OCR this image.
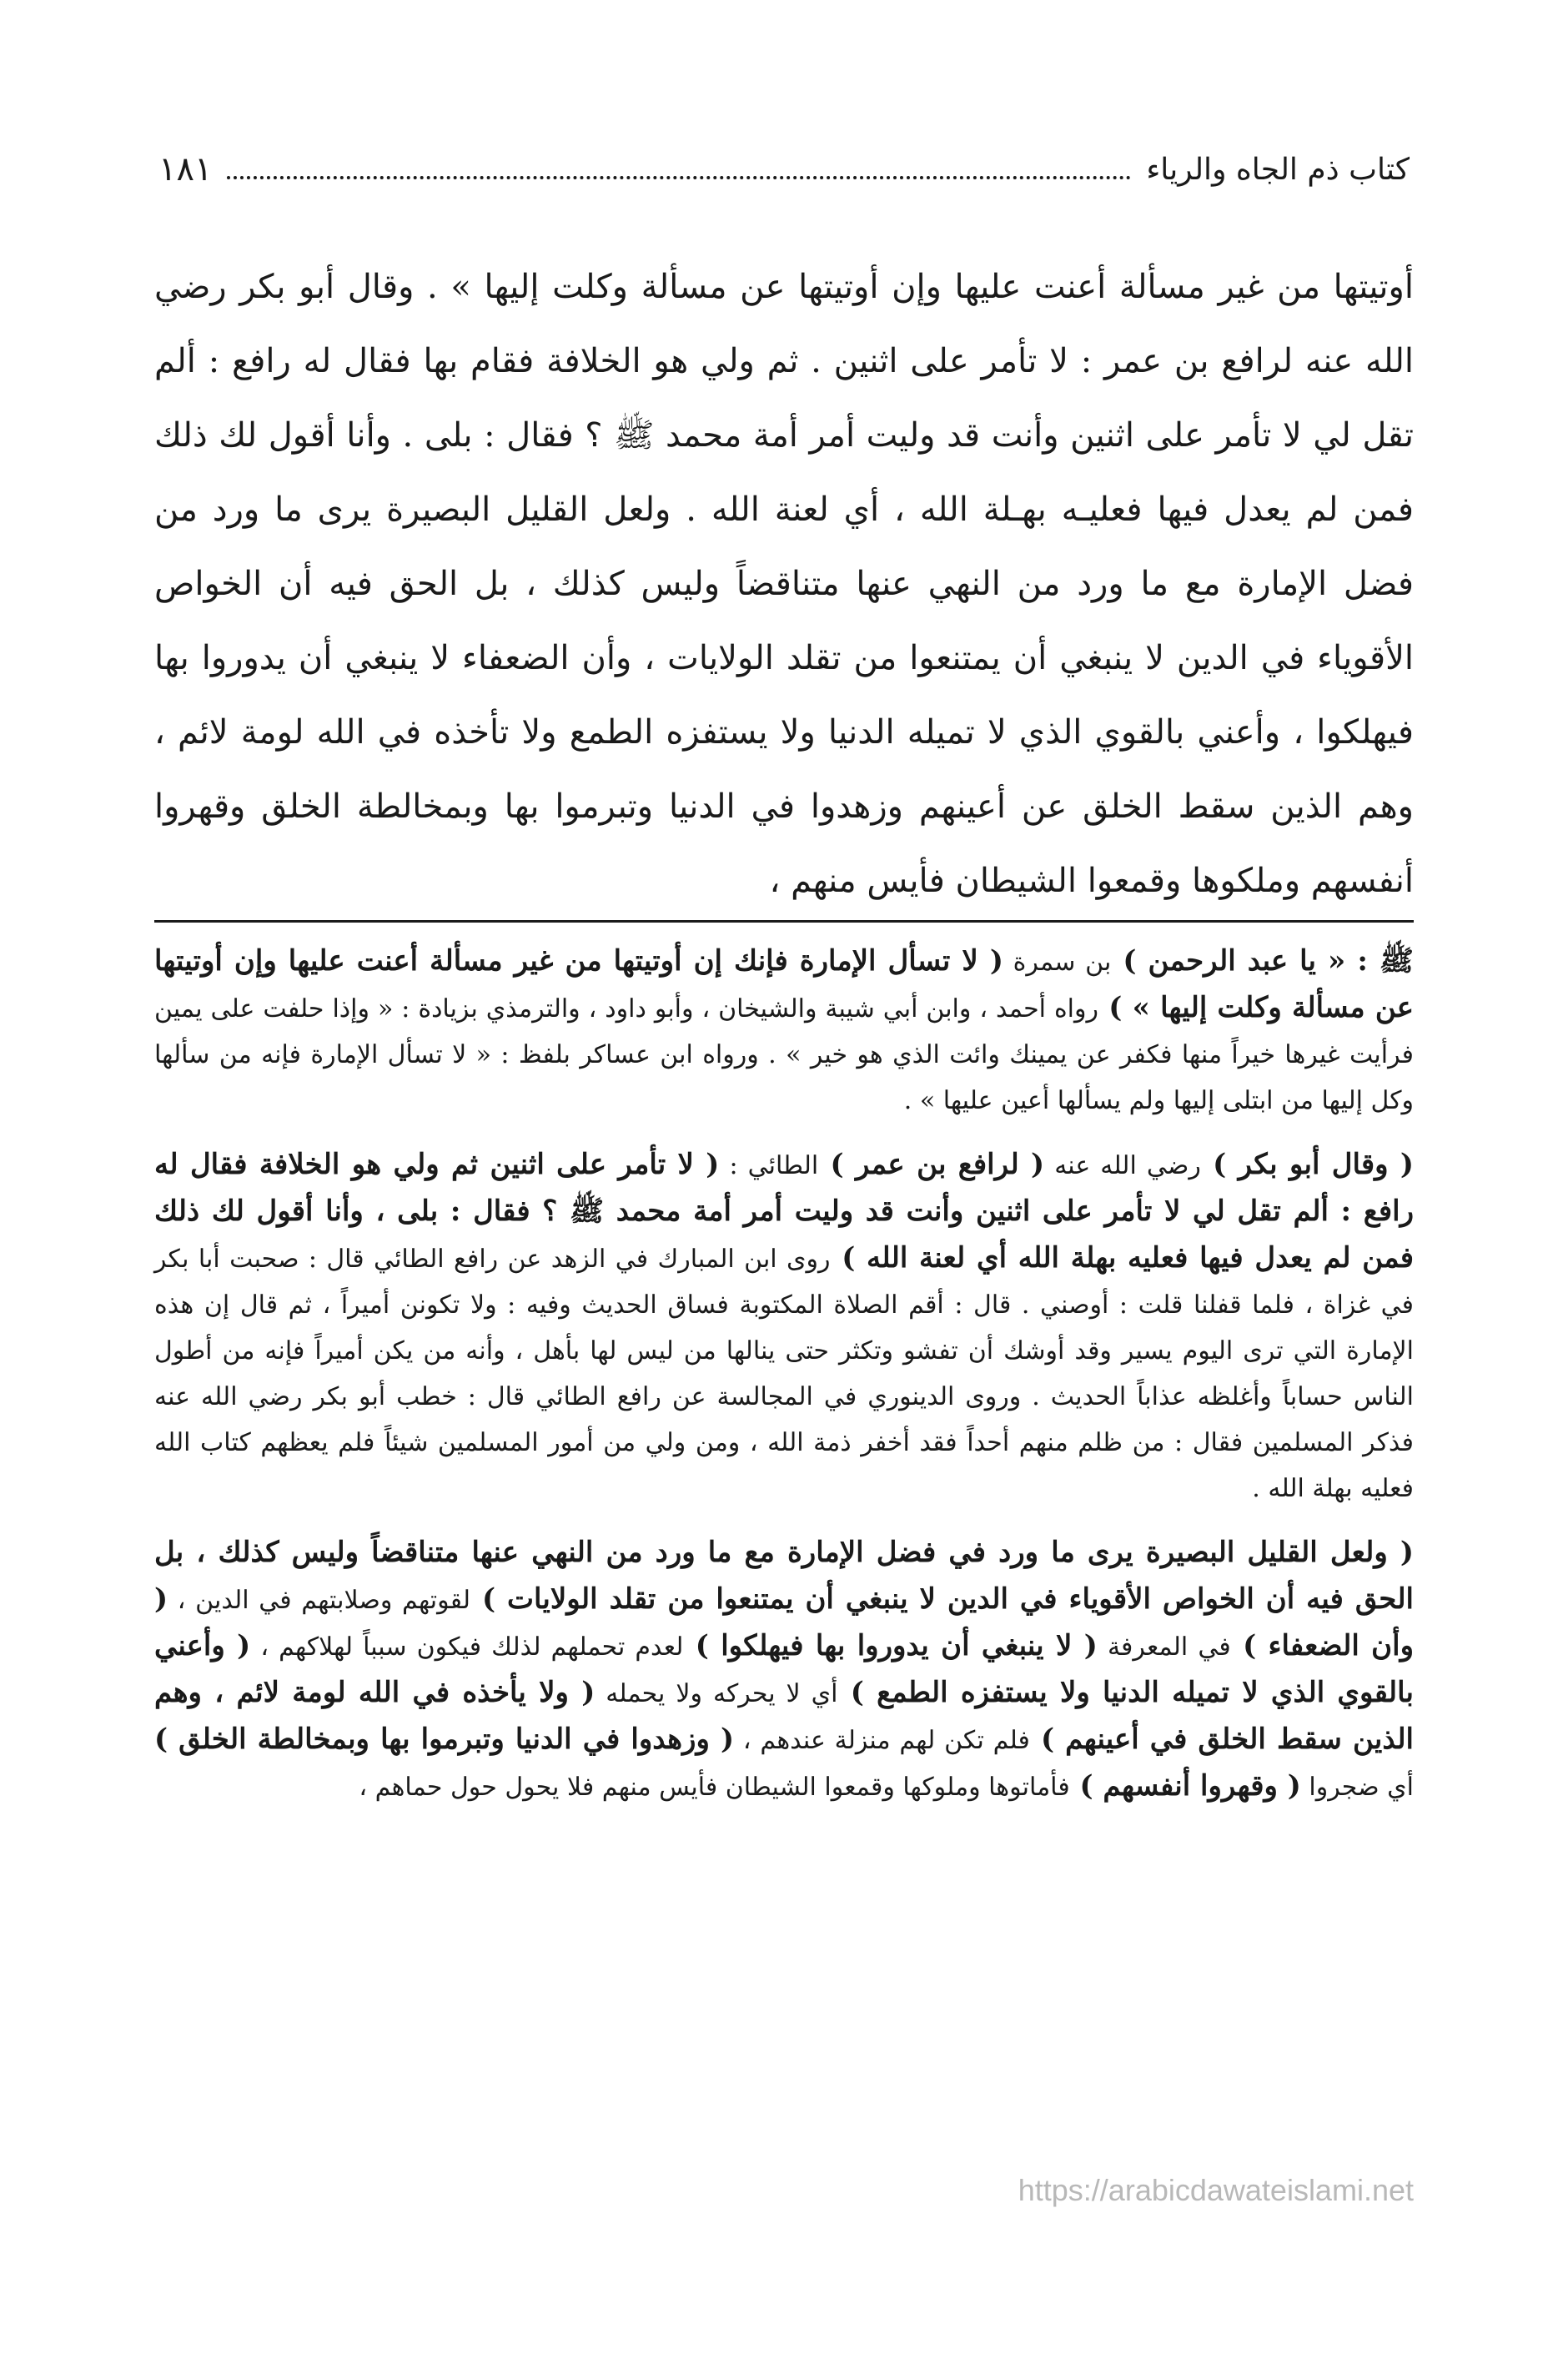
كتاب ذم الجاه والرياء
١٨١

أوتيتها من غير مسألة أعنت عليها وإن أوتيتها عن مسألة وكلت إليها » . وقال أبو بكر رضي الله عنه لرافع بن عمر : لا تأمر على اثنين . ثم ولي هو الخلافة فقام بها فقال له رافع : ألم تقل لي لا تأمر على اثنين وأنت قد وليت أمر أمة محمد ﷺ ؟ فقال : بلى . وأنا أقول لك ذلك فمن لم يعدل فيها فعليـه بهـلة الله ، أي لعنة الله . ولعل القليل البصيرة يرى ما ورد من فضل الإمارة مع ما ورد من النهي عنها متناقضاً وليس كذلك ، بل الحق فيه أن الخواص الأقوياء في الدين لا ينبغي أن يمتنعوا من تقلد الولايات ، وأن الضعفاء لا ينبغي أن يدوروا بها فيهلكوا ، وأعني بالقوي الذي لا تميله الدنيا ولا يستفزه الطمع ولا تأخذه في الله لومة لائم ، وهم الذين سقط الخلق عن أعينهم وزهدوا في الدنيا وتبرموا بها وبمخالطة الخلق وقهروا أنفسهم وملكوها وقمعوا الشيطان فأيس منهم ،

ﷺ : « يا عبد الرحمن ) بن سمرة ( لا تسأل الإمارة فإنك إن أوتيتها من غير مسألة أعنت عليها وإن أوتيتها عن مسألة وكلت إليها » ) رواه أحمد ، وابن أبي شيبة والشيخان ، وأبو داود ، والترمذي بزيادة : « وإذا حلفت على يمين فرأيت غيرها خيراً منها فكفر عن يمينك وائت الذي هو خير » . ورواه ابن عساكر بلفظ : « لا تسأل الإمارة فإنه من سألها وكل إليها من ابتلى إليها ولم يسألها أعين عليها » .

( وقال أبو بكر ) رضي الله عنه ( لرافع بن عمر ) الطائي : ( لا تأمر على اثنين ثم ولي هو الخلافة فقال له رافع : ألم تقل لي لا تأمر على اثنين وأنت قد وليت أمر أمة محمد ﷺ ؟ فقال : بلى ، وأنا أقول لك ذلك فمن لم يعدل فيها فعليه بهلة الله أي لعنة الله ) روى ابن المبارك في الزهد عن رافع الطائي قال : صحبت أبا بكر في غزاة ، فلما قفلنا قلت : أوصني . قال : أقم الصلاة المكتوبة فساق الحديث وفيه : ولا تكونن أميراً ، ثم قال إن هذه الإمارة التي ترى اليوم يسير وقد أوشك أن تفشو وتكثر حتى ينالها من ليس لها بأهل ، وأنه من يكن أميراً فإنه من أطول الناس حساباً وأغلظه عذاباً الحديث . وروى الدينوري في المجالسة عن رافع الطائي قال : خطب أبو بكر رضي الله عنه فذكر المسلمين فقال : من ظلم منهم أحداً فقد أخفر ذمة الله ، ومن ولي من أمور المسلمين شيئاً فلم يعظهم كتاب الله فعليه بهلة الله .

( ولعل القليل البصيرة يرى ما ورد في فضل الإمارة مع ما ورد من النهي عنها متناقضاً وليس كذلك ، بل الحق فيه أن الخواص الأقوياء في الدين لا ينبغي أن يمتنعوا من تقلد الولايات ) لقوتهم وصلابتهم في الدين ، ( وأن الضعفاء ) في المعرفة ( لا ينبغي أن يدوروا بها فيهلكوا ) لعدم تحملهم لذلك فيكون سبباً لهلاكهم ، ( وأعني بالقوي الذي لا تميله الدنيا ولا يستفزه الطمع ) أي لا يحركه ولا يحمله ( ولا يأخذه في الله لومة لائم ، وهم الذين سقط الخلق في أعينهم ) فلم تكن لهم منزلة عندهم ، ( وزهدوا في الدنيا وتبرموا بها وبمخالطة الخلق ) أي ضجروا ( وقهروا أنفسهم ) فأماتوها وملوكها وقمعوا الشيطان فأيس منهم فلا يحول حول حماهم ،

https://arabicdawateislami.net
